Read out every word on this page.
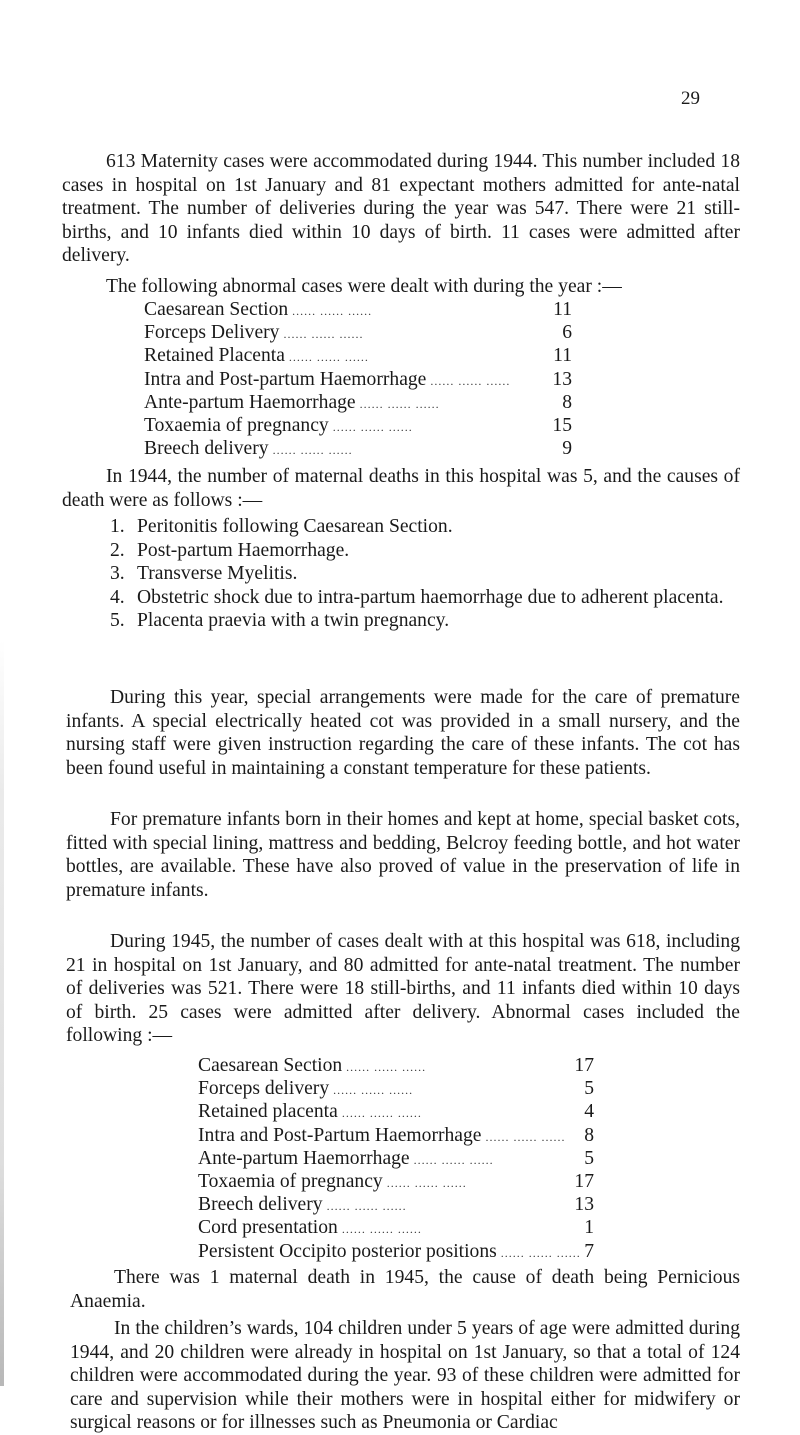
29

613 Maternity cases were accommodated during 1944. This number included 18 cases in hospital on 1st January and 81 expectant mothers admitted for ante-natal treatment. The number of deliveries during the year was 547. There were 21 still-births, and 10 infants died within 10 days of birth. 11 cases were admitted after delivery.

The following abnormal cases were dealt with during the year :—

Caesarean Section ...... ...... ......	11
Forceps Delivery ...... ...... ......	6
Retained Placenta ...... ...... ......	11
Intra and Post-partum Haemorrhage ...... ...... ......	13
Ante-partum Haemorrhage ...... ...... ......	8
Toxaemia of pregnancy ...... ...... ......	15
Breech delivery ...... ...... ......	9

In 1944, the number of maternal deaths in this hospital was 5, and the causes of death were as follows :—

1. Peritonitis following Caesarean Section.
2. Post-partum Haemorrhage.
3. Transverse Myelitis.
4. Obstetric shock due to intra-partum haemorrhage due to adherent placenta.
5. Placenta praevia with a twin pregnancy.

During this year, special arrangements were made for the care of premature infants. A special electrically heated cot was provided in a small nursery, and the nursing staff were given instruction regarding the care of these infants. The cot has been found useful in maintaining a constant temperature for these patients.

For premature infants born in their homes and kept at home, special basket cots, fitted with special lining, mattress and bedding, Belcroy feeding bottle, and hot water bottles, are available. These have also proved of value in the preservation of life in premature infants.

During 1945, the number of cases dealt with at this hospital was 618, including 21 in hospital on 1st January, and 80 admitted for ante-natal treatment. The number of deliveries was 521. There were 18 still-births, and 11 infants died within 10 days of birth. 25 cases were admitted after delivery. Abnormal cases included the following :—

Caesarean Section ...... ...... ......	17
Forceps delivery ...... ...... ......	5
Retained placenta ...... ...... ......	4
Intra and Post-Partum Haemorrhage ...... ...... ...... 8
Ante-partum Haemorrhage ...... ...... ......	5
Toxaemia of pregnancy ...... ...... ......	17
Breech delivery ...... ...... ......	13
Cord presentation ...... ...... ......	1
Persistent Occipito posterior positions ...... ...... ...... 7

There was 1 maternal death in 1945, the cause of death being Pernicious Anaemia.

In the children’s wards, 104 children under 5 years of age were admitted during 1944, and 20 children were already in hospital on 1st January, so that a total of 124 children were accommodated during the year. 93 of these children were admitted for care and supervision while their mothers were in hospital either for midwifery or surgical reasons or for illnesses such as Pneumonia or Cardiac
